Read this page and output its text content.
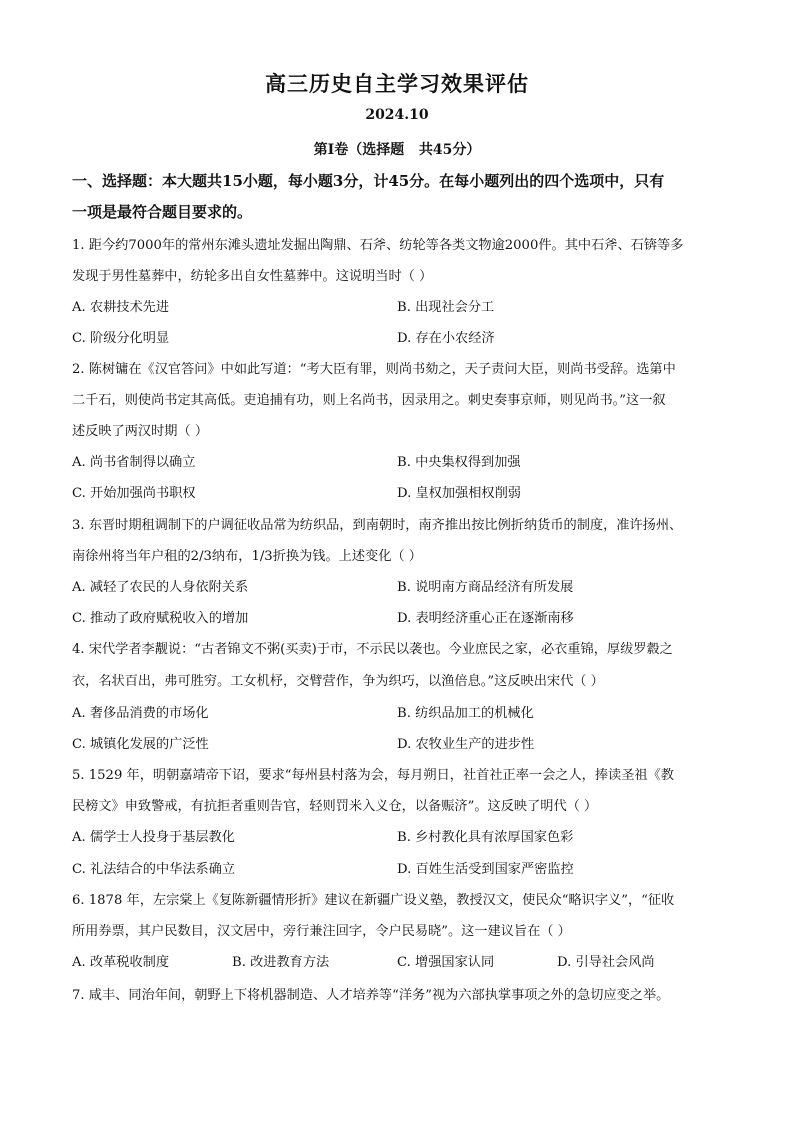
高三历史自主学习效果评估
2024.10
第Ⅰ卷（选择题   共45分）
一、选择题：本大题共15小题，每小题3分，计45分。在每小题列出的四个选项中，只有
一项是最符合题目要求的。
1. 距今约7000年的常州东滩头遗址发掘出陶鼎、石斧、纺轮等各类文物逾2000件。其中石斧、石锛等多
发现于男性墓葬中，纺轮多出自女性墓葬中。这说明当时（ ）
A. 农耕技术先进	B. 出现社会分工
C. 阶级分化明显	D. 存在小农经济
2. 陈树镛在《汉官答问》中如此写道：“考大臣有罪，则尚书劾之，天子责问大臣，则尚书受辞。选第中
二千石，则使尚书定其高低。吏追捕有功，则上名尚书，因录用之。刺史奏事京师，则见尚书。”这一叙
述反映了两汉时期（ ）
A. 尚书省制得以确立	B. 中央集权得到加强
C. 开始加强尚书职权	D. 皇权加强相权削弱
3. 东晋时期租调制下的户调征收品常为纺织品，到南朝时，南齐推出按比例折纳货币的制度，准许扬州、
南徐州将当年户租的2/3纳布，1/3折换为钱。上述变化（ ）
A. 减轻了农民的人身依附关系	B. 说明南方商品经济有所发展
C. 推动了政府赋税收入的增加	D. 表明经济重心正在逐渐南移
4. 宋代学者李觏说：“古者锦文不粥(买卖)于市，不示民以袭也。今业庶民之家，必衣重锦，厚绂罗縠之
衣，名状百出，弗可胜穷。工女机杼，交臂营作，争为织巧，以渔倍息。”这反映出宋代（ ）
A. 奢侈品消费的市场化	B. 纺织品加工的机械化
C. 城镇化发展的广泛性	D. 农牧业生产的进步性
5. 1529 年，明朝嘉靖帝下诏，要求“每州县村落为会，每月朔日，社首社正率一会之人，捧读圣祖《教
民榜文》申致警戒，有抗拒者重则告官，轻则罚米入义仓，以备赈济”。这反映了明代（ ）
A. 儒学士人投身于基层教化	B. 乡村教化具有浓厚国家色彩
C. 礼法结合的中华法系确立	D. 百姓生活受到国家严密监控
6. 1878 年，左宗棠上《复陈新疆情形折》建议在新疆广设义塾，教授汉文，使民众“略识字义”，“征收
所用券票，其户民数目，汉文居中，旁行兼注回字，令户民易晓”。这一建议旨在（ ）
A. 改革税收制度	B. 改进教育方法	C. 增强国家认同	D. 引导社会风尚
7. 咸丰、同治年间，朝野上下将机器制造、人才培养等“洋务”视为六部执掌事项之外的急切应变之举。
